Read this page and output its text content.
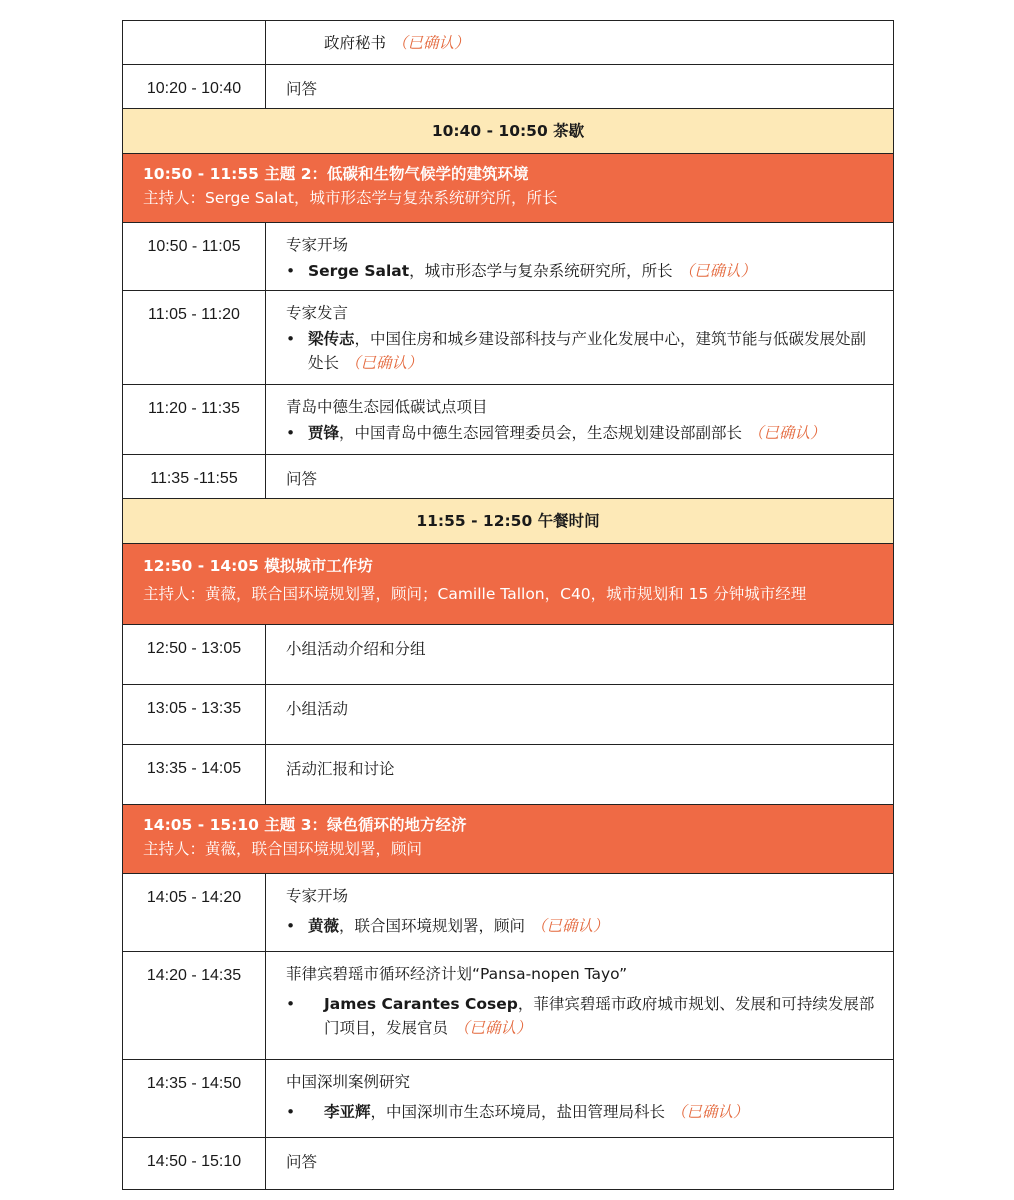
	政府秘书 （已确认）
10:20 - 10:40	问答
10:40 - 10:50 茶歇	

10:50 - 11:55 主题 2：低碳和生物气候学的建筑环境
主持人：Serge Salat，城市形态学与复杂系统研究所，所长	

10:50 - 11:05	专家开场
• Serge Salat，城市形态学与复杂系统研究所，所长 （已确认）

11:05 - 11:20	专家发言
• 梁传志，中国住房和城乡建设部科技与产业化发展中心，建筑节能与低碳发展处副处长 （已确认）

11:20 - 11:35	青岛中德生态园低碳试点项目
• 贾锋，中国青岛中德生态园管理委员会，生态规划建设部副部长 （已确认）

11:35 -11:55	问答
11:55 - 12:50 午餐时间	

12:50 - 14:05 模拟城市工作坊
主持人：黄薇，联合国环境规划署，顾问；Camille Tallon，C40，城市规划和 15 分钟城市经理	

12:50 - 13:05	小组活动介绍和分组
13:05 - 13:35	小组活动
13:35 - 14:05	活动汇报和讨论

14:05 - 15:10 主题 3：绿色循环的地方经济
主持人：黄薇，联合国环境规划署，顾问	

14:05 - 14:20	专家开场
• 黄薇，联合国环境规划署，顾问 （已确认）

14:20 - 14:35	菲律宾碧瑶市循环经济计划“Pansa-nopen Tayo”
• James Carantes Cosep，菲律宾碧瑶市政府城市规划、发展和可持续发展部门项目，发展官员 （已确认）

14:35 - 14:50	中国深圳案例研究
• 李亚辉，中国深圳市生态环境局，盐田管理局科长 （已确认）

14:50 - 15:10	问答
